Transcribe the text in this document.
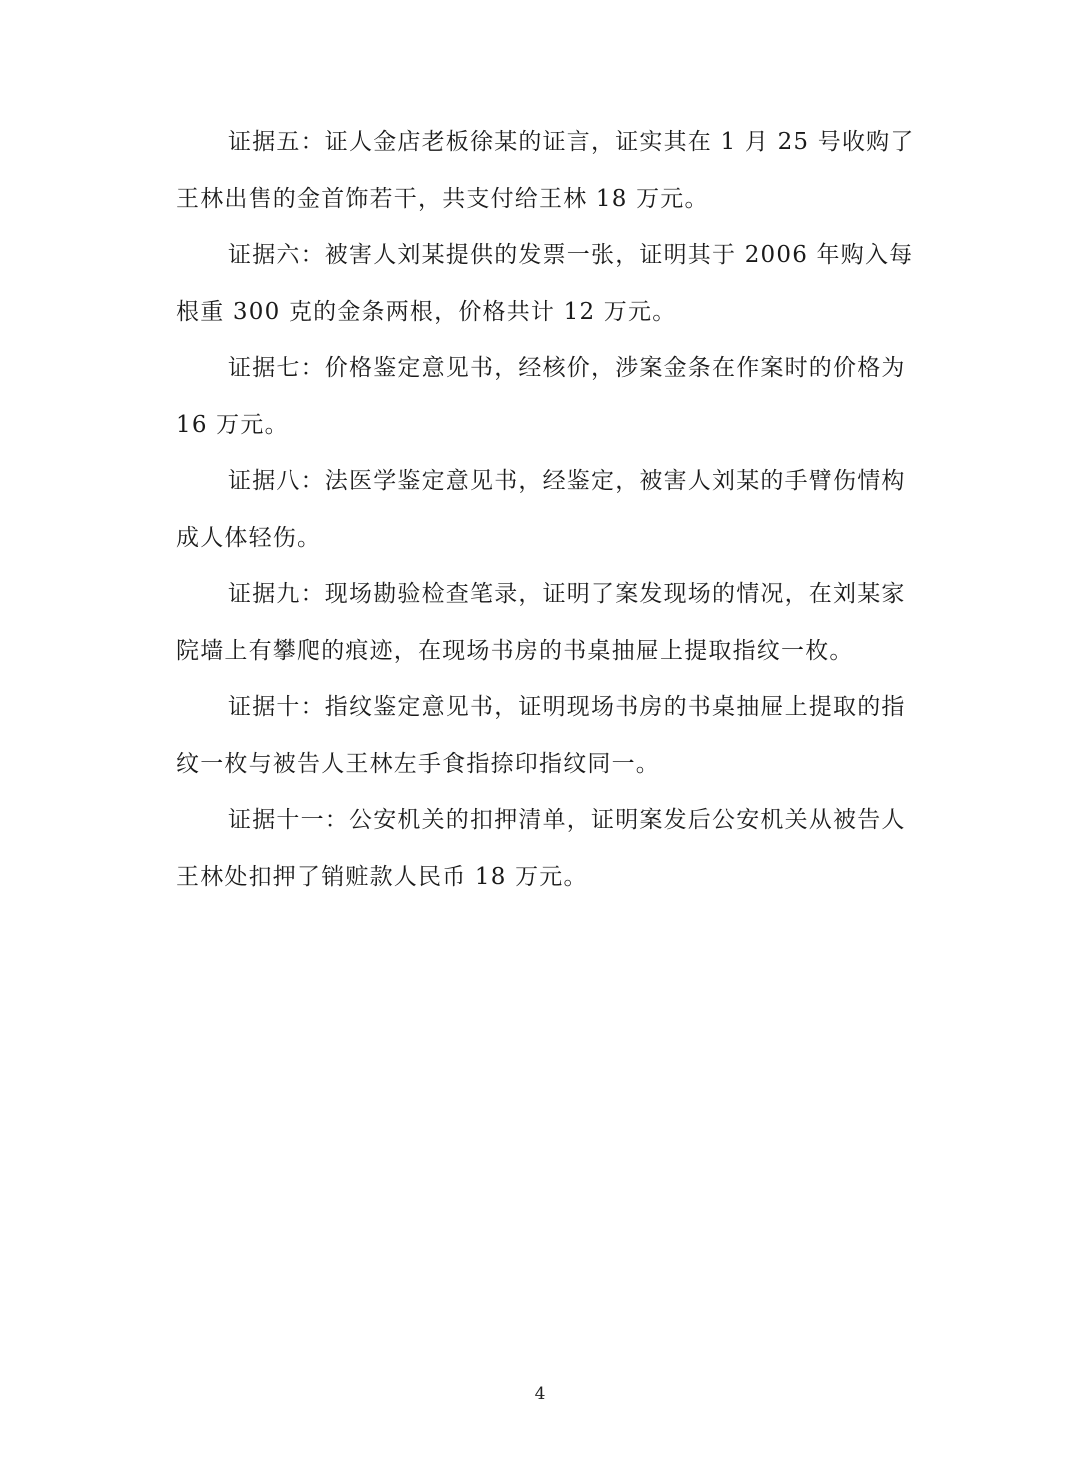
证据五：证人金店老板徐某的证言，证实其在 1 月 25 号收购了
王林出售的金首饰若干，共支付给王林 18 万元。

证据六：被害人刘某提供的发票一张，证明其于 2006 年购入每
根重 300 克的金条两根，价格共计 12 万元。

证据七：价格鉴定意见书，经核价，涉案金条在作案时的价格为
16 万元。

证据八：法医学鉴定意见书，经鉴定，被害人刘某的手臂伤情构
成人体轻伤。

证据九：现场勘验检查笔录，证明了案发现场的情况，在刘某家
院墙上有攀爬的痕迹，在现场书房的书桌抽屉上提取指纹一枚。

证据十：指纹鉴定意见书，证明现场书房的书桌抽屉上提取的指
纹一枚与被告人王林左手食指捺印指纹同一。

证据十一：公安机关的扣押清单，证明案发后公安机关从被告人
王林处扣押了销赃款人民币 18 万元。

4
